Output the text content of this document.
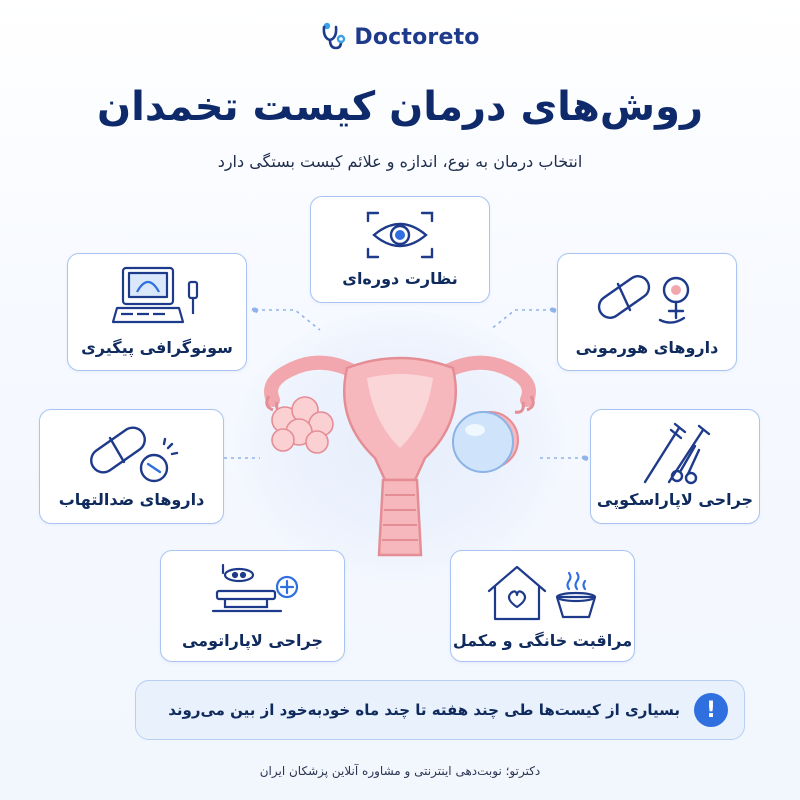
Doctoreto
روش‌های درمان کیست تخمدان
انتخاب درمان به نوع، اندازه و علائم کیست بستگی دارد
نظارت دوره‌ای
سونوگرافی پیگیری	داروهای هورمونی
داروهای ضدالتهاب	جراحی لاپاراسکوپی
جراحی لاپاراتومی	مراقبت خانگی و مکمل
بسیاری از کیست‌ها طی چند هفته تا چند ماه خودبه‌خود از بین می‌روند	!
دکترتو؛ نوبت‌دهی اینترنتی و مشاوره آنلاین پزشکان ایران
